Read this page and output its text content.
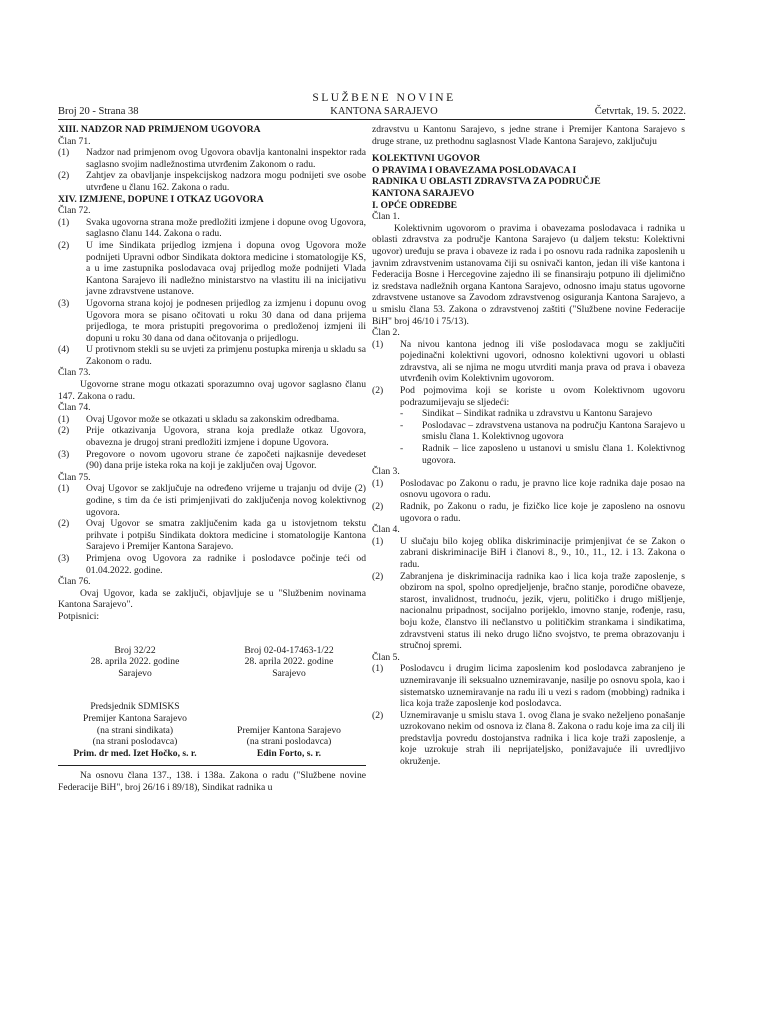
SLUŽBENE NOVINE
KANTONA SARAJEVO
Broj 20 - Strana 38	Četvrtak, 19. 5. 2022.

XIII. NADZOR NAD PRIMJENOM UGOVORA

Član 71.

(1)	Nadzor nad primjenom ovog Ugovora obavlja kantonalni inspektor rada saglasno svojim nadležnostima utvrđenim Zakonom o radu.
(2)	Zahtjev za obavljanje inspekcijskog nadzora mogu podnijeti sve osobe utvrđene u članu 162. Zakona o radu.

XIV. IZMJENE, DOPUNE I OTKAZ UGOVORA

Član 72.

(1)	Svaka ugovorna strana može predložiti izmjene i dopune ovog Ugovora, saglasno članu 144. Zakona o radu.
(2)	U ime Sindikata prijedlog izmjena i dopuna ovog Ugovora može podnijeti Upravni odbor Sindikata doktora medicine i stomatologije KS, a u ime zastupnika poslodavaca ovaj prijedlog može podnijeti Vlada Kantona Sarajevo ili nadležno ministarstvo na vlastitu ili na inicijativu javne zdravstvene ustanove.
(3)	Ugovorna strana kojoj je podnesen prijedlog za izmjenu i dopunu ovog Ugovora mora se pisano očitovati u roku 30 dana od dana prijema prijedloga, te mora pristupiti pregovorima o predloženoj izmjeni ili dopuni u roku 30 dana od dana očitovanja o prijedlogu.
(4)	U protivnom stekli su se uvjeti za primjenu postupka mirenja u skladu sa Zakonom o radu.

Član 73.

Ugovorne strane mogu otkazati sporazumno ovaj ugovor saglasno članu 147. Zakona o radu.

Član 74.

(1)	Ovaj Ugovor može se otkazati u skladu sa zakonskim odredbama.
(2)	Prije otkazivanja Ugovora, strana koja predlaže otkaz Ugovora, obavezna je drugoj strani predložiti izmjene i dopune Ugovora.
(3)	Pregovore o novom ugovoru strane će započeti najkasnije devedeset (90) dana prije isteka roka na koji je zaključen ovaj Ugovor.

Član 75.

(1)	Ovaj Ugovor se zaključuje na određeno vrijeme u trajanju od dvije (2) godine, s tim da će isti primjenjivati do zaključenja novog kolektivnog ugovora.
(2)	Ovaj Ugovor se smatra zaključenim kada ga u istovjetnom tekstu prihvate i potpišu Sindikata doktora medicine i stomatologije Kantona Sarajevo i Premijer Kantona Sarajevo.
(3)	Primjena ovog Ugovora za radnike i poslodavce počinje teći od 01.04.2022. godine.

Član 76.

Ovaj Ugovor, kada se zaključi, objavljuje se u "Službenim novinama Kantona Sarajevo".

Potpisnici:

Broj 32/22
28. aprila 2022. godine
Sarajevo
Broj 02-04-17463-1/22
28. aprila 2022. godine
Sarajevo
Predsjednik SDMISKS
Premijer Kantona Sarajevo
(na strani sindikata)
(na strani poslodavca)
Prim. dr med. Izet Hočko, s. r.

Premijer Kantona Sarajevo
(na strani poslodavca)
Edin Forto, s. r.

Na osnovu člana 137., 138. i 138a. Zakona o radu ("Službene novine Federacije BiH", broj 26/16 i 89/18), Sindikat radnika u

zdravstvu u Kantonu Sarajevo, s jedne strane i Premijer Kantona Sarajevo s druge strane, uz prethodnu saglasnost Vlade Kantona Sarajevo, zaključuju

KOLEKTIVNI UGOVOR

O PRAVIMA I OBAVEZAMA POSLODAVACA I

RADNIKA U OBLASTI ZDRAVSTVA ZA PODRUČJE

KANTONA SARAJEVO

I. OPĆE ODREDBE

Član 1.

Kolektivnim ugovorom o pravima i obavezama poslodavaca i radnika u oblasti zdravstva za područje Kantona Sarajevo (u daljem tekstu: Kolektivni ugovor) uređuju se prava i obaveze iz rada i po osnovu rada radnika zaposlenih u javnim zdravstvenim ustanovama čiji su osnivači kanton, jedan ili više kantona i Federacija Bosne i Hercegovine zajedno ili se finansiraju potpuno ili djelimično iz sredstava nadležnih organa Kantona Sarajevo, odnosno imaju status ugovorne zdravstvene ustanove sa Zavodom zdravstvenog osiguranja Kantona Sarajevo, a u smislu člana 53. Zakona o zdravstvenoj zaštiti ("Službene novine Federacije BiH" broj 46/10 i 75/13).

Član 2.

(1)	Na nivou kantona jednog ili više poslodavaca mogu se zaključiti pojedinačni kolektivni ugovori, odnosno kolektivni ugovori u oblasti zdravstva, ali se njima ne mogu utvrditi manja prava od prava i obaveza utvrđenih ovim Kolektivnim ugovorom.
(2)	Pod pojmovima koji se koriste u ovom Kolektivnom ugovoru podrazumijevaju se sljedeći:
-	Sindikat – Sindikat radnika u zdravstvu u Kantonu Sarajevo
-	Poslodavac – zdravstvena ustanova na području Kantona Sarajevo u smislu člana 1. Kolektivnog ugovora
-	Radnik – lice zaposleno u ustanovi u smislu člana 1. Kolektivnog ugovora.

Član 3.

(1)	Poslodavac po Zakonu o radu, je pravno lice koje radnika daje posao na osnovu ugovora o radu.
(2)	Radnik, po Zakonu o radu, je fizičko lice koje je zaposleno na osnovu ugovora o radu.

Član 4.

(1)	U slučaju bilo kojeg oblika diskriminacije primjenjivat će se Zakon o zabrani diskriminacije BiH i članovi 8., 9., 10., 11., 12. i 13. Zakona o radu.
(2)	Zabranjena je diskriminacija radnika kao i lica koja traže zaposlenje, s obzirom na spol, spolno opredjeljenje, bračno stanje, porodične obaveze, starost, invalidnost, trudnoću, jezik, vjeru, političko i drugo mišljenje, nacionalnu pripadnost, socijalno porijeklo, imovno stanje, rođenje, rasu, boju kože, članstvo ili nečlanstvo u političkim strankama i sindikatima, zdravstveni status ili neko drugo lično svojstvo, te prema obrazovanju i stručnoj spremi.

Član 5.

(1)	Poslodavcu i drugim licima zaposlenim kod poslodavca zabranjeno je uznemiravanje ili seksualno uznemiravanje, nasilje po osnovu spola, kao i sistematsko uznemiravanje na radu ili u vezi s radom (mobbing) radnika i lica koja traže zaposlenje kod poslodavca.
(2)	Uznemiravanje u smislu stava 1. ovog člana je svako neželjeno ponašanje uzrokovano nekim od osnova iz člana 8. Zakona o radu koje ima za cilj ili predstavlja povredu dostojanstva radnika i lica koje traži zaposlenje, a koje uzrokuje strah ili neprijateljsko, ponižavajuće ili uvredljivo okruženje.
